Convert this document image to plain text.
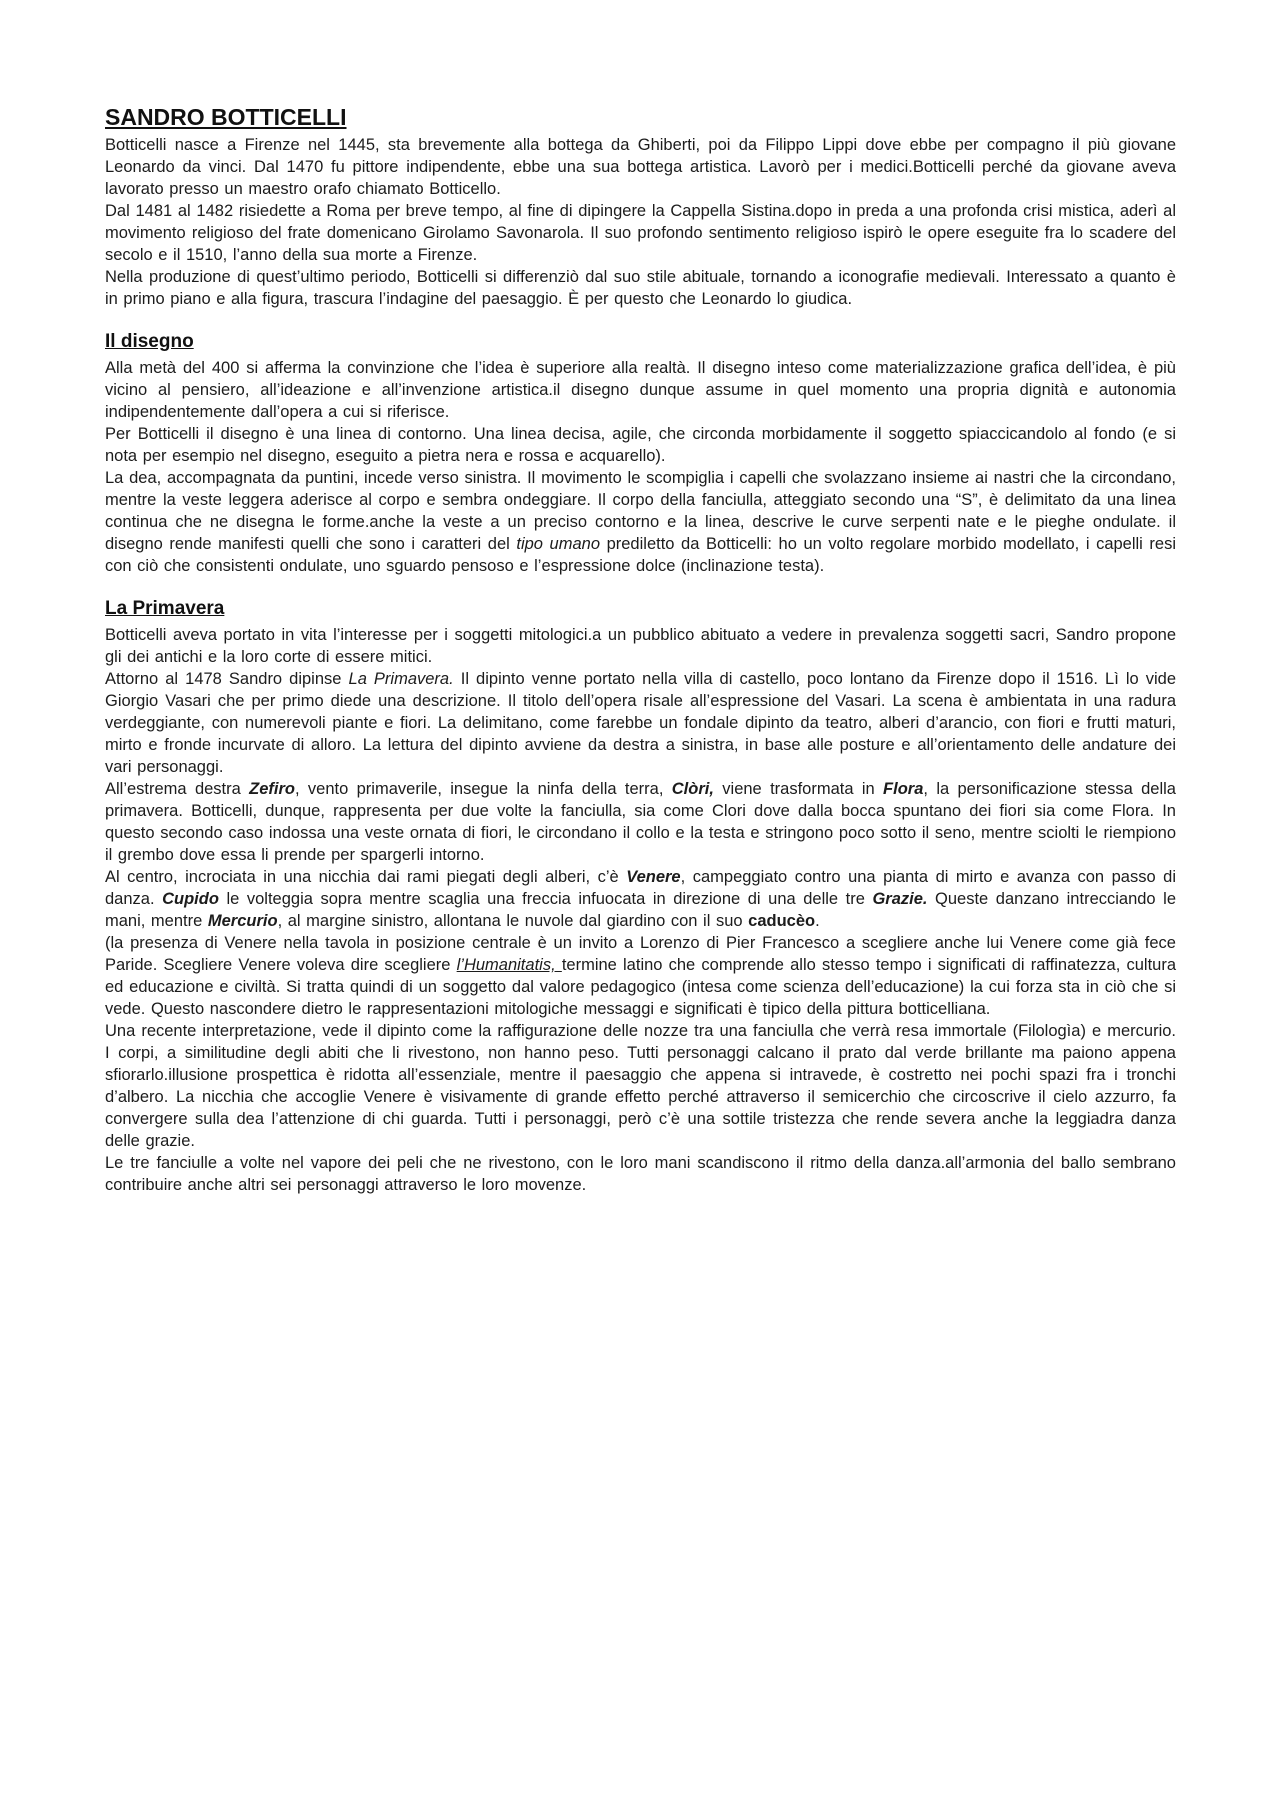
SANDRO BOTTICELLI

Botticelli nasce a Firenze nel 1445, sta brevemente alla bottega da Ghiberti, poi da Filippo Lippi dove ebbe per compagno il più giovane Leonardo da vinci. Dal 1470 fu pittore indipendente, ebbe una sua bottega artistica. Lavorò per i medici.Botticelli perché da giovane aveva lavorato presso un maestro orafo chiamato Botticello.

Dal 1481 al 1482 risiedette a Roma per breve tempo, al fine di dipingere la Cappella Sistina.dopo in preda a una profonda crisi mistica, aderì al movimento religioso del frate domenicano Girolamo Savonarola. Il suo profondo sentimento religioso ispirò le opere eseguite fra lo scadere del secolo e il 1510, l’anno della sua morte a Firenze.

Nella produzione di quest’ultimo periodo, Botticelli si differenziò dal suo stile abituale, tornando a iconografie medievali. Interessato a quanto è in primo piano e alla figura, trascura l’indagine del paesaggio. È per questo che Leonardo lo giudica.

Il disegno

Alla metà del 400 si afferma la convinzione che l’idea è superiore alla realtà. Il disegno inteso come materializzazione grafica dell’idea, è più vicino al pensiero, all’ideazione e all’invenzione artistica.il disegno dunque assume in quel momento una propria dignità e autonomia indipendentemente dall’opera a cui si riferisce.

Per Botticelli il disegno è una linea di contorno. Una linea decisa, agile, che circonda morbidamente il soggetto spiaccicandolo al fondo (e si nota per esempio nel disegno, eseguito a pietra nera e rossa e acquarello).

La dea, accompagnata da puntini, incede verso sinistra. Il movimento le scompiglia i capelli che svolazzano insieme ai nastri che la circondano, mentre la veste leggera aderisce al corpo e sembra ondeggiare. Il corpo della fanciulla, atteggiato secondo una “S”, è delimitato da una linea continua che ne disegna le forme.anche la veste a un preciso contorno e la linea, descrive le curve serpenti nate e le pieghe ondulate. il disegno rende manifesti quelli che sono i caratteri del tipo umano prediletto da Botticelli: ho un volto regolare morbido modellato, i capelli resi con ciò che consistenti ondulate, uno sguardo pensoso e l’espressione dolce (inclinazione testa).

La Primavera

Botticelli aveva portato in vita l’interesse per i soggetti mitologici.a un pubblico abituato a vedere in prevalenza soggetti sacri, Sandro propone gli dei antichi e la loro corte di essere mitici.

Attorno al 1478 Sandro dipinse La Primavera. Il dipinto venne portato nella villa di castello, poco lontano da Firenze dopo il 1516. Lì lo vide Giorgio Vasari che per primo diede una descrizione. Il titolo dell’opera risale all’espressione del Vasari. La scena è ambientata in una radura verdeggiante, con numerevoli piante e fiori. La delimitano, come farebbe un fondale dipinto da teatro, alberi d’arancio, con fiori e frutti maturi, mirto e fronde incurvate di alloro. La lettura del dipinto avviene da destra a sinistra, in base alle posture e all’orientamento delle andature dei vari personaggi.

All’estrema destra Zefiro, vento primaverile, insegue la ninfa della terra, Clòri, viene trasformata in Flora, la personificazione stessa della primavera. Botticelli, dunque, rappresenta per due volte la fanciulla, sia come Clori dove dalla bocca spuntano dei fiori sia come Flora. In questo secondo caso indossa una veste ornata di fiori, le circondano il collo e la testa e stringono poco sotto il seno, mentre sciolti le riempiono il grembo dove essa li prende per spargerli intorno.

Al centro, incrociata in una nicchia dai rami piegati degli alberi, c’è Venere, campeggiato contro una pianta di mirto e avanza con passo di danza. Cupido le volteggia sopra mentre scaglia una freccia infuocata in direzione di una delle tre Grazie. Queste danzano intrecciando le mani, mentre Mercurio, al margine sinistro, allontana le nuvole dal giardino con il suo caducèo.

(la presenza di Venere nella tavola in posizione centrale è un invito a Lorenzo di Pier Francesco a scegliere anche lui Venere come già fece Paride. Scegliere Venere voleva dire scegliere l’Humanitatis, termine latino che comprende allo stesso tempo i significati di raffinatezza, cultura ed educazione e civiltà. Si tratta quindi di un soggetto dal valore pedagogico (intesa come scienza dell’educazione) la cui forza sta in ciò che si vede. Questo nascondere dietro le rappresentazioni mitologiche messaggi e significati è tipico della pittura botticelliana.

Una recente interpretazione, vede il dipinto come la raffigurazione delle nozze tra una fanciulla che verrà resa immortale (Filologìa) e mercurio. I corpi, a similitudine degli abiti che li rivestono, non hanno peso. Tutti personaggi calcano il prato dal verde brillante ma paiono appena sfiorarlo.illusione prospettica è ridotta all’essenziale, mentre il paesaggio che appena si intravede, è costretto nei pochi spazi fra i tronchi d’albero. La nicchia che accoglie Venere è visivamente di grande effetto perché attraverso il semicerchio che circoscrive il cielo azzurro, fa convergere sulla dea l’attenzione di chi guarda. Tutti i personaggi, però c’è una sottile tristezza che rende severa anche la leggiadra danza delle grazie.

Le tre fanciulle a volte nel vapore dei peli che ne rivestono, con le loro mani scandiscono il ritmo della danza.all’armonia del ballo sembrano contribuire anche altri sei personaggi attraverso le loro movenze.
